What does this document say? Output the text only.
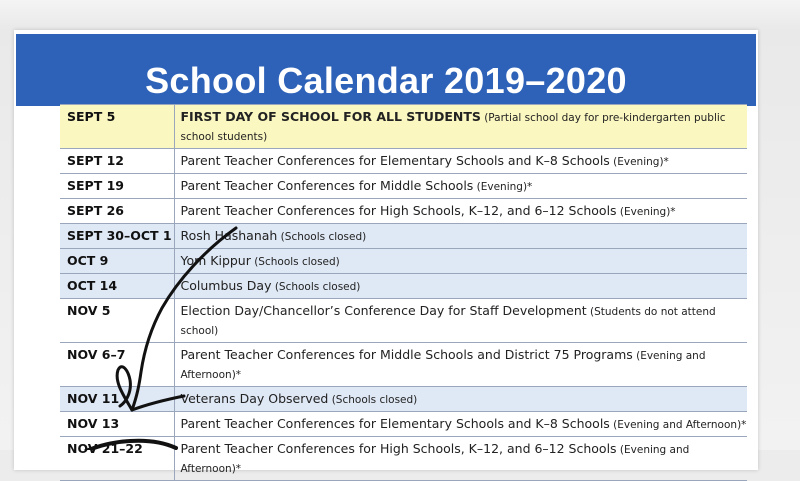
School Calendar 2019–2020
SEPT 5	FIRST DAY OF SCHOOL FOR ALL STUDENTS (Partial school day for pre-kindergarten public school students)
SEPT 12	Parent Teacher Conferences for Elementary Schools and K–8 Schools (Evening)*
SEPT 19	Parent Teacher Conferences for Middle Schools (Evening)*
SEPT 26	Parent Teacher Conferences for High Schools, K–12, and 6–12 Schools (Evening)*
SEPT 30–OCT 1	Rosh Hashanah (Schools closed)
OCT 9	Yom Kippur (Schools closed)
OCT 14	Columbus Day (Schools closed)
NOV 5	Election Day/Chancellor’s Conference Day for Staff Development (Students do not attend school)
NOV 6–7	Parent Teacher Conferences for Middle Schools and District 75 Programs (Evening and Afternoon)*
NOV 11	Veterans Day Observed (Schools closed)
NOV 13	Parent Teacher Conferences for Elementary Schools and K–8 Schools (Evening and Afternoon)*
NOV 21–22	Parent Teacher Conferences for High Schools, K–12, and 6–12 Schools (Evening and Afternoon)*
